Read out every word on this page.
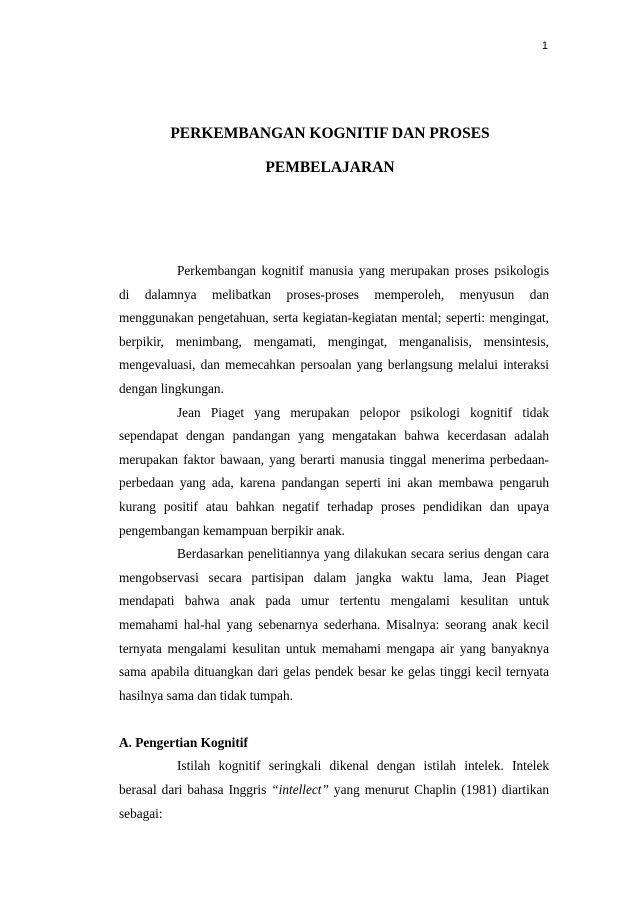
1
PERKEMBANGAN KOGNITIF DAN PROSES
PEMBELAJARAN

Perkembangan kognitif manusia yang merupakan proses psikologis di dalamnya melibatkan proses-proses memperoleh, menyusun dan menggunakan pengetahuan, serta kegiatan-kegiatan mental; seperti: mengingat, berpikir, menimbang, mengamati, mengingat, menganalisis, mensintesis, mengevaluasi, dan memecahkan persoalan yang berlangsung melalui interaksi dengan lingkungan.

Jean Piaget yang merupakan pelopor psikologi kognitif tidak sependapat dengan pandangan yang mengatakan bahwa kecerdasan adalah merupakan faktor bawaan, yang berarti manusia tinggal menerima perbedaan-perbedaan yang ada, karena pandangan seperti ini akan membawa pengaruh kurang positif atau bahkan negatif terhadap proses pendidikan dan upaya pengembangan kemampuan berpikir anak.

Berdasarkan penelitiannya yang dilakukan secara serius dengan cara mengobservasi secara partisipan dalam jangka waktu lama, Jean Piaget mendapati bahwa anak pada umur tertentu mengalami kesulitan untuk memahami hal-hal yang sebenarnya sederhana. Misalnya: seorang anak kecil ternyata mengalami kesulitan untuk memahami mengapa air yang banyaknya sama apabila dituangkan dari gelas pendek besar ke gelas tinggi kecil ternyata hasilnya sama dan tidak tumpah.

A. Pengertian Kognitif

Istilah kognitif seringkali dikenal dengan istilah intelek. Intelek berasal dari bahasa Inggris “intellect” yang menurut Chaplin (1981) diartikan sebagai:
